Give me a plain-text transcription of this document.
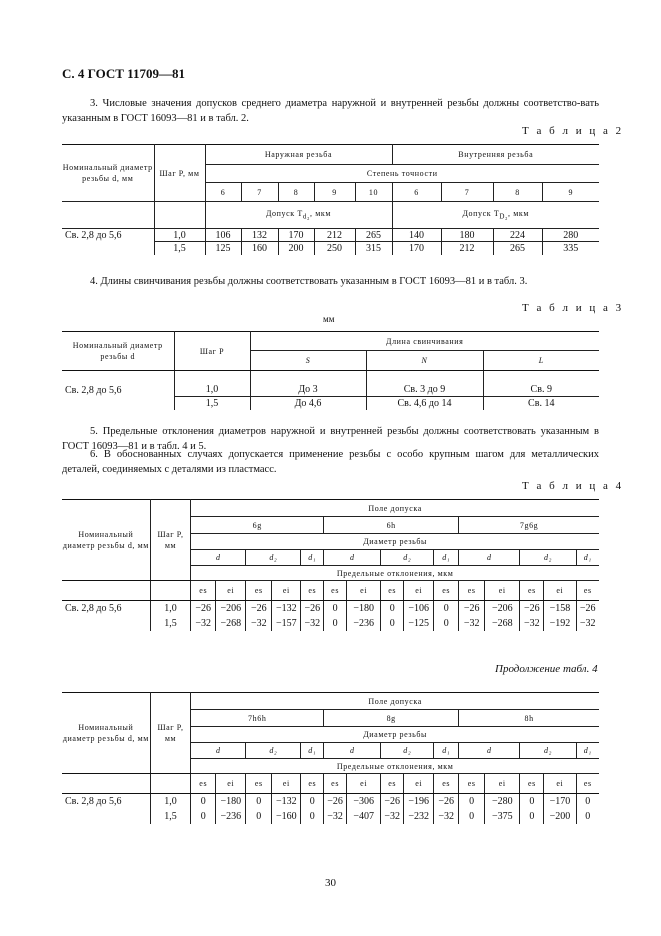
С. 4 ГОСТ 11709—81
3. Числовые значения допусков среднего диаметра наружной и внутренней резьбы должны соответство-вать указанным в ГОСТ 16093—81 и в табл. 2.
Т а б л и ц а 2
Номинальный диаметр резьбы d, мм	Шаг P, мм	Наружная резьба					Внутренняя резьба			
		Степень точности								
		6	7	8	9	10	6	7	8	9
		Допуск $T_{d_2}$, мкм					Допуск $T_{D_2}$, мкм			
Св. 2,8 до 5,6	1,0	106	132	170	212	265	140	180	224	280
	1,5	125	160	200	250	315	170	212	265	335
4. Длины свинчивания резьбы должны соответствовать указанным в ГОСТ 16093—81 и в табл. 3.
Т а б л и ц а 3
мм
Номинальный диаметр резьбы d	Шаг P	Длина свинчивания		
		S	N	L

Св. 2,8 до 5,6	1,0	До 3	Св. 3 до 9	Св. 9
	1,5	До 4,6	Св. 4,6 до 14	Св. 14
5. Предельные отклонения диаметров наружной и внутренней резьбы должны соответствовать указанным в ГОСТ 16093—81 и в табл. 4 и 5.
6. В обоснованных случаях допускается применение резьбы с особо крупным шагом для металлических деталей, соединяемых с деталями из пластмасс.
Т а б л и ц а 4
Номинальный диаметр резьбы d, мм	Шаг P, мм	Поле допуска														
		6g					6h					7g6g				
		Диаметр резьбы														
		d		d₂		d₁	d		d₂		d₁	d		d₂		d₁
		Предельные отклонения, мкм														
		es	ei	es	ei	es	es	ei	es	ei	es	es	ei	es	ei	es
Св. 2,8 до 5,6	1,0	−26	−206	−26	−132	−26	0	−180	0	−106	0	−26	−206	−26	−158	−26
	1,5	−32	−268	−32	−157	−32	0	−236	0	−125	0	−32	−268	−32	−192	−32
Продолжение табл. 4
Номинальный диаметр резьбы d, мм	Шаг P, мм	Поле допуска														
		7h6h					8g					8h				
		Диаметр резьбы														
		d		d₂		d₁	d		d₂		d₁	d		d₂		d₁
		Предельные отклонения, мкм														
		es	ei	es	ei	es	es	ei	es	ei	es	es	ei	es	ei	es
Св. 2,8 до 5,6	1,0	0	−180	0	−132	0	−26	−306	−26	−196	−26	0	−280	0	−170	0
	1,5	0	−236	0	−160	0	−32	−407	−32	−232	−32	0	−375	0	−200	0
30
